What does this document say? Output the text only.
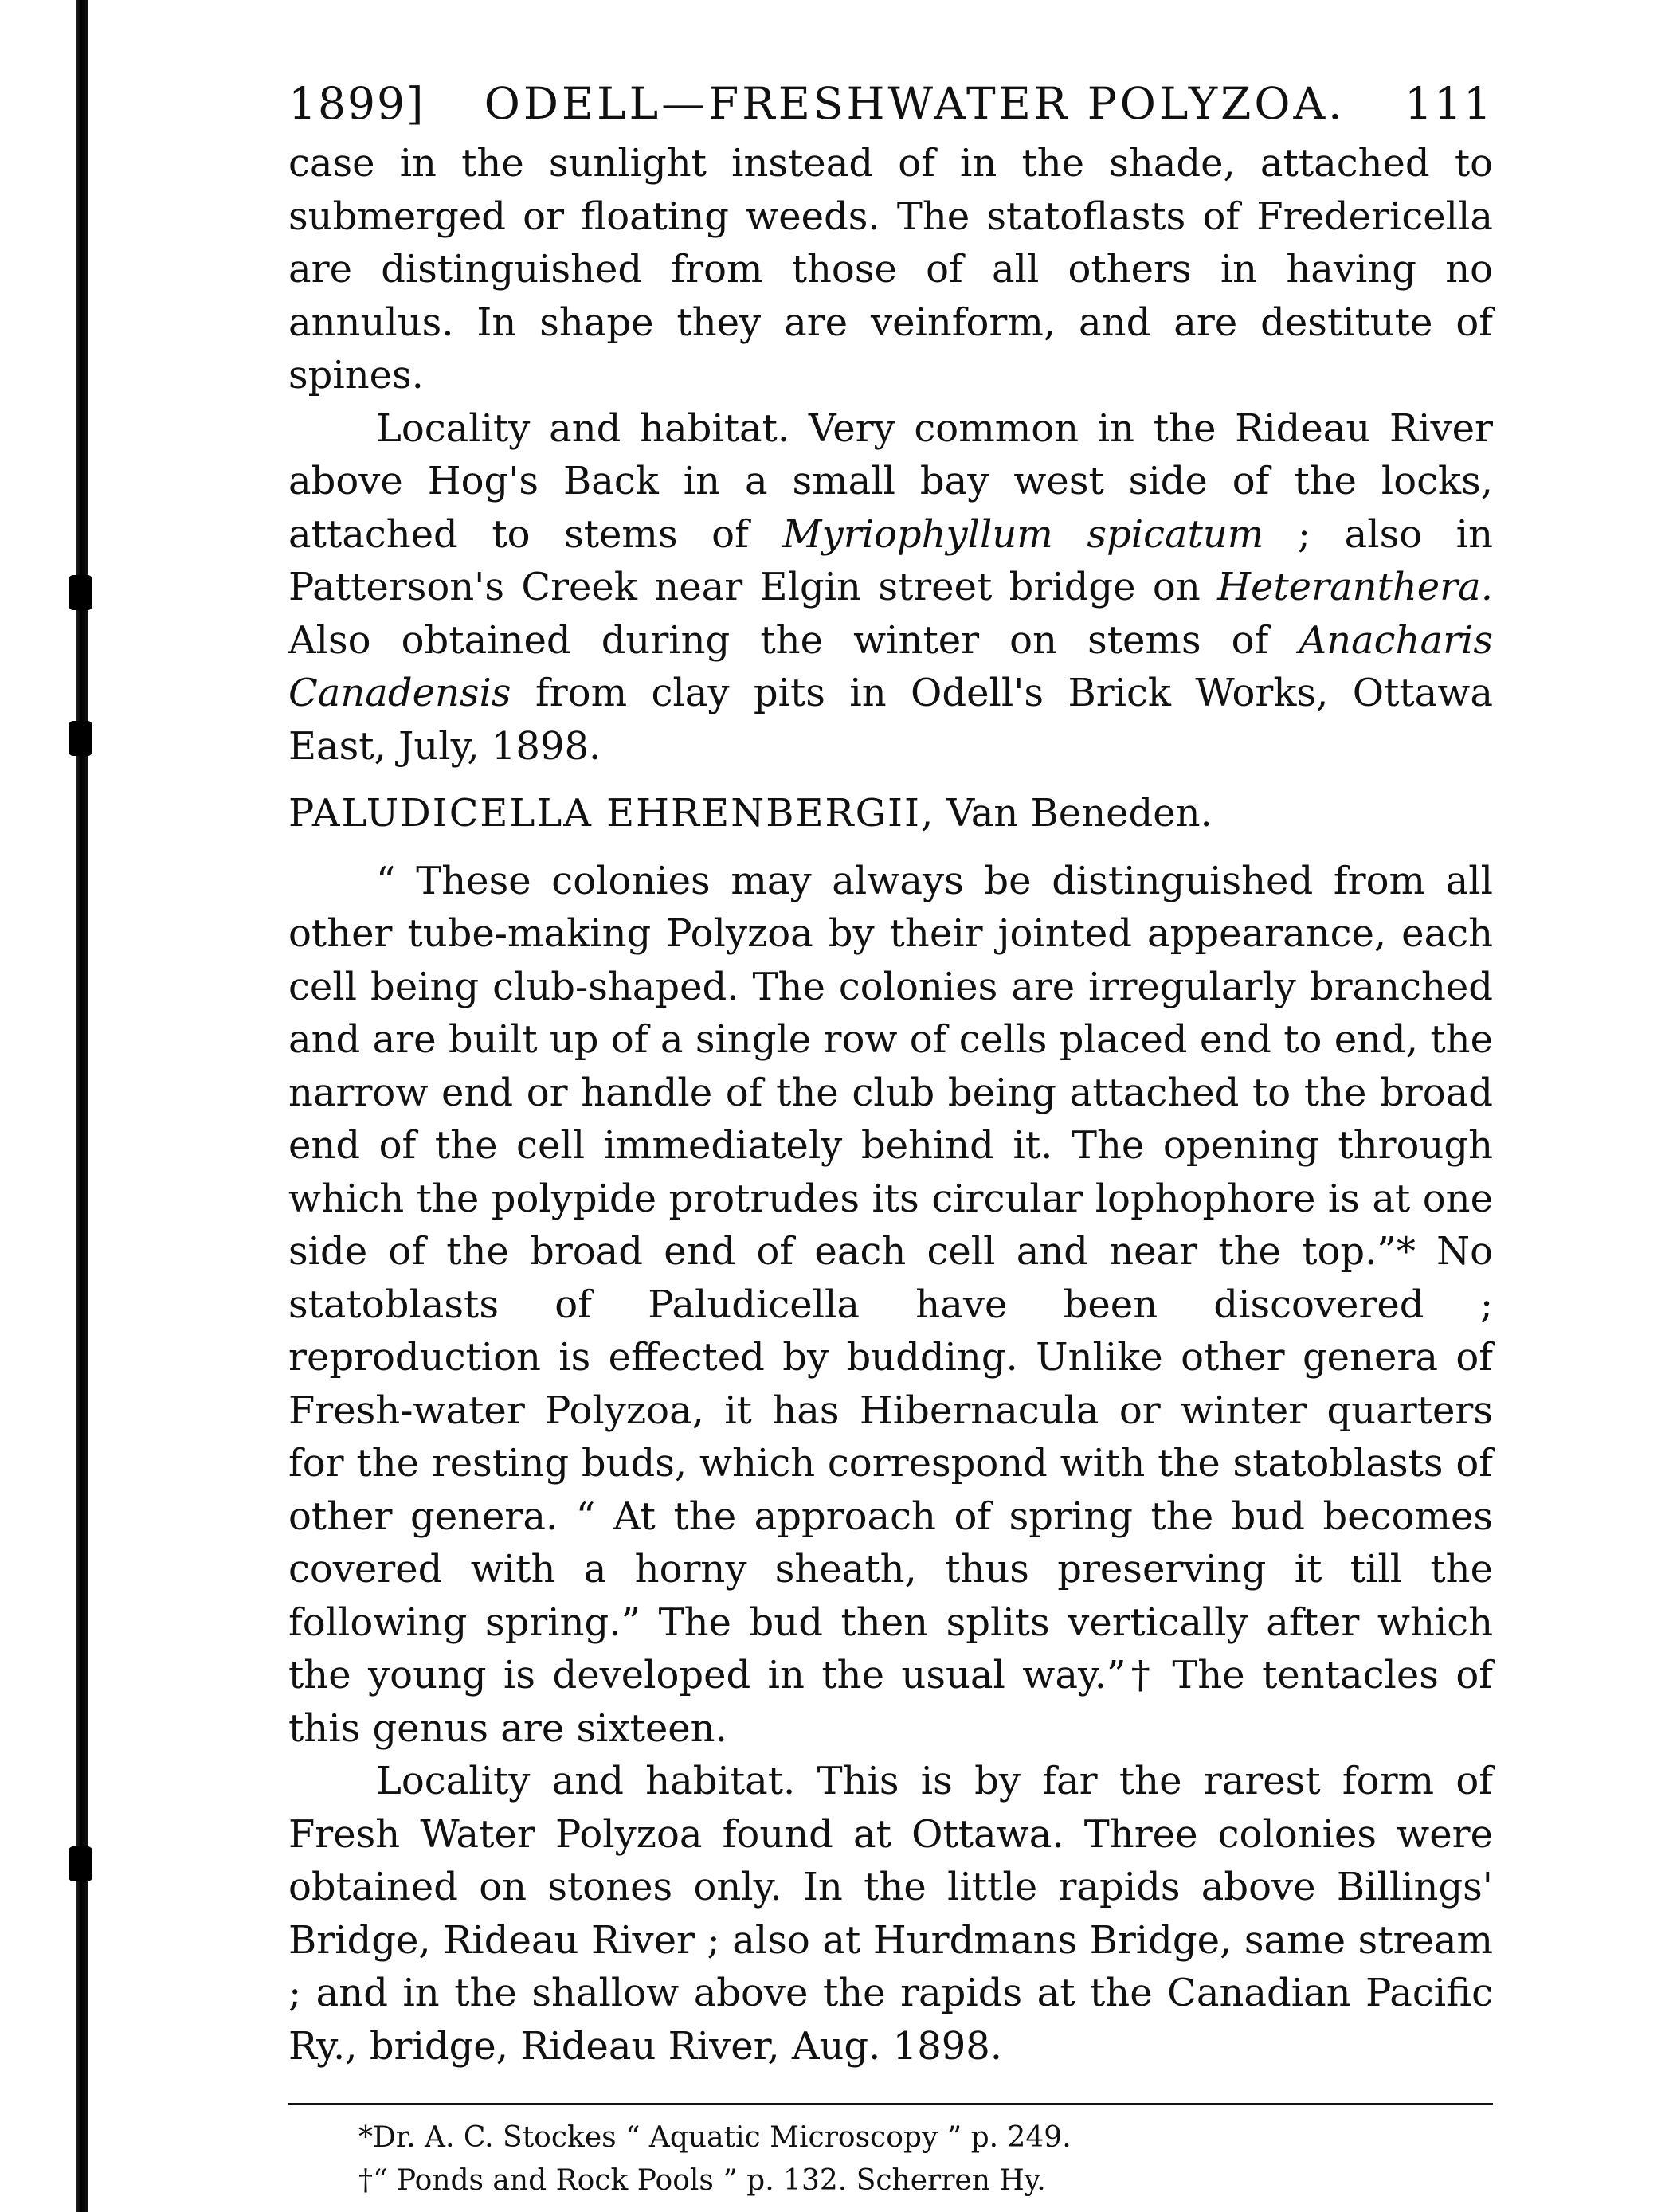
1899] ODELL—FRESHWATER POLYZOA. 111

case in the sunlight instead of in the shade, attached to submerged or floating weeds. The statoflasts of Fredericella are distinguished from those of all others in having no annulus. In shape they are veinform, and are destitute of spines.

Locality and habitat. Very common in the Rideau River above Hog's Back in a small bay west side of the locks, attached to stems of Myriophyllum spicatum ; also in Patterson's Creek near Elgin street bridge on Heteranthera. Also obtained during the winter on stems of Anacharis Canadensis from clay pits in Odell's Brick Works, Ottawa East, July, 1898.

PALUDICELLA EHRENBERGII, Van Beneden.

“ These colonies may always be distinguished from all other tube-making Polyzoa by their jointed appearance, each cell being club-shaped. The colonies are irregularly branched and are built up of a single row of cells placed end to end, the narrow end or handle of the club being attached to the broad end of the cell immediately behind it. The opening through which the polypide protrudes its circular lophophore is at one side of the broad end of each cell and near the top.”* No statoblasts of Paludicella have been discovered ; reproduction is effected by budding. Unlike other genera of Fresh-water Polyzoa, it has Hibernacula or winter quarters for the resting buds, which correspond with the statoblasts of other genera. “ At the approach of spring the bud becomes covered with a horny sheath, thus preserving it till the following spring.” The bud then splits vertically after which the young is developed in the usual way.”† The tentacles of this genus are sixteen.

Locality and habitat. This is by far the rarest form of Fresh Water Polyzoa found at Ottawa. Three colonies were obtained on stones only. In the little rapids above Billings' Bridge, Rideau River ; also at Hurdmans Bridge, same stream ; and in the shallow above the rapids at the Canadian Pacific Ry., bridge, Rideau River, Aug. 1898.

*Dr. A. C. Stockes “ Aquatic Microscopy ” p. 249.

†“ Ponds and Rock Pools ” p. 132. Scherren Hy.
